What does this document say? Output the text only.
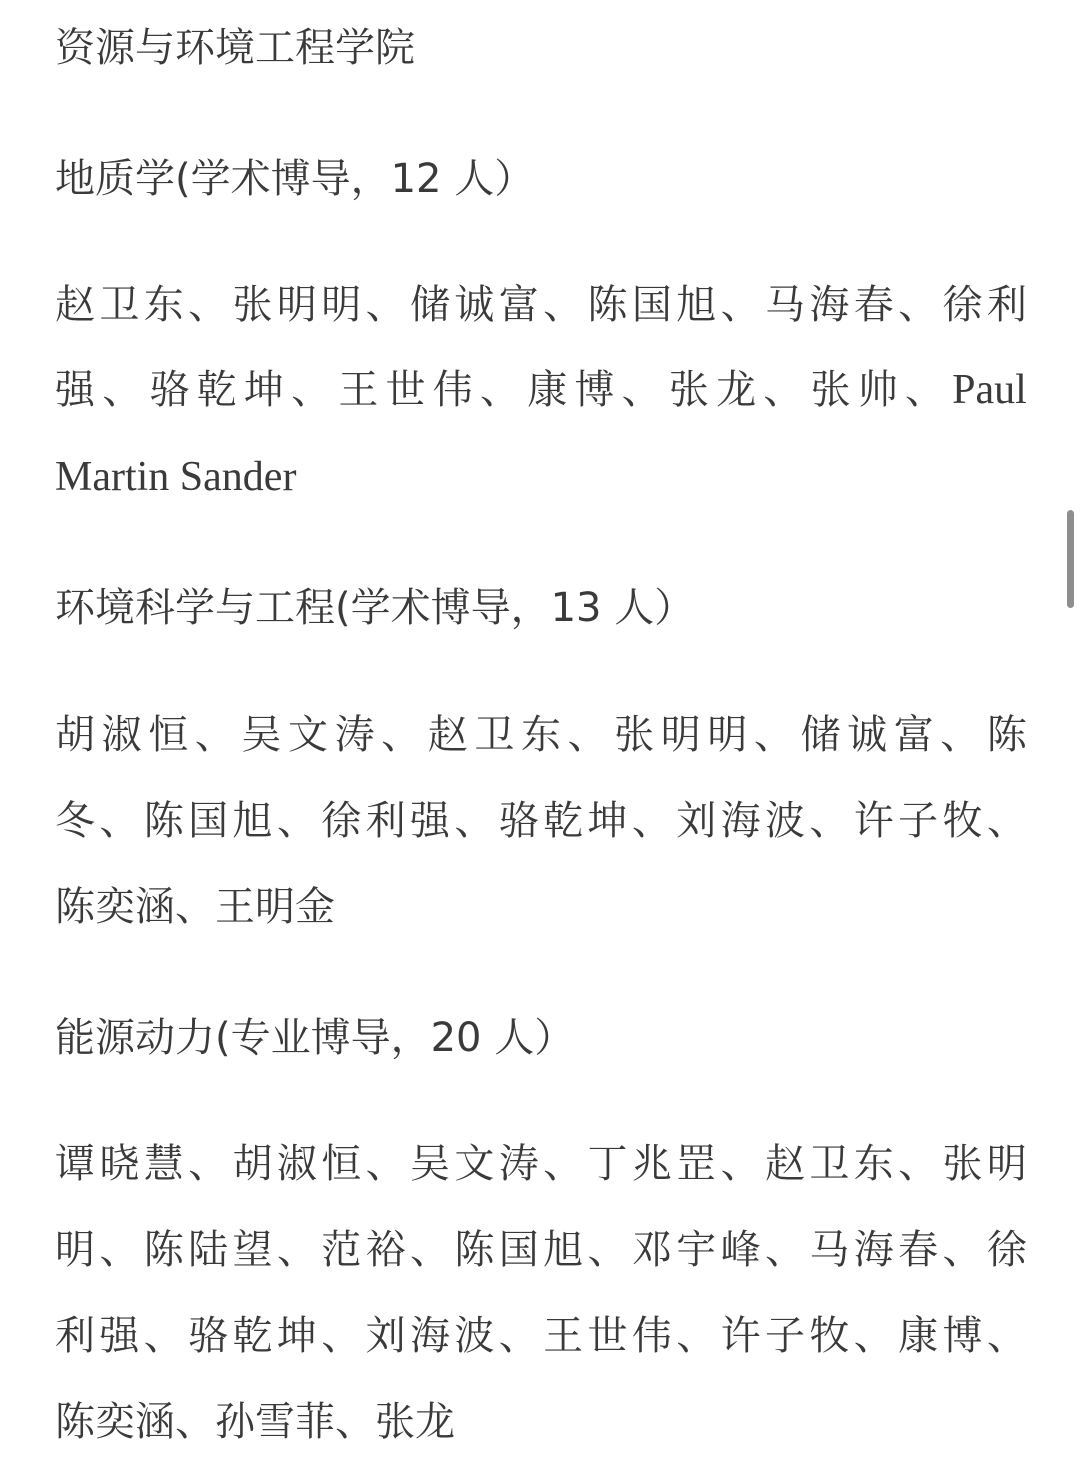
资源与环境工程学院
地质学(学术博导，12 人）
赵 卫 东 、 张 明 明 、 储 诚 富 、 陈 国 旭 、 马 海 春 、 徐 利
强 、 骆 乾 坤 、 王 世 伟 、 康 博 、 张 龙 、 张 帅 、 Paul
Martin Sander
环境科学与工程(学术博导，13 人）
胡 淑 恒 、 吴 文 涛 、 赵 卫 东 、 张 明 明 、 储 诚 富 、 陈
冬 、 陈 国 旭 、 徐 利 强 、 骆 乾 坤 、 刘 海 波 、 许 子 牧 、
陈奕涵、王明金
能源动力(专业博导，20 人）
谭 晓 慧 、 胡 淑 恒 、 吴 文 涛 、 丁 兆 罡 、 赵 卫 东 、 张 明
明 、 陈 陆 望 、 范 裕 、 陈 国 旭 、 邓 宇 峰 、 马 海 春 、 徐
利 强 、 骆 乾 坤 、 刘 海 波 、 王 世 伟 、 许 子 牧 、 康 博 、
陈奕涵、孙雪菲、张龙
